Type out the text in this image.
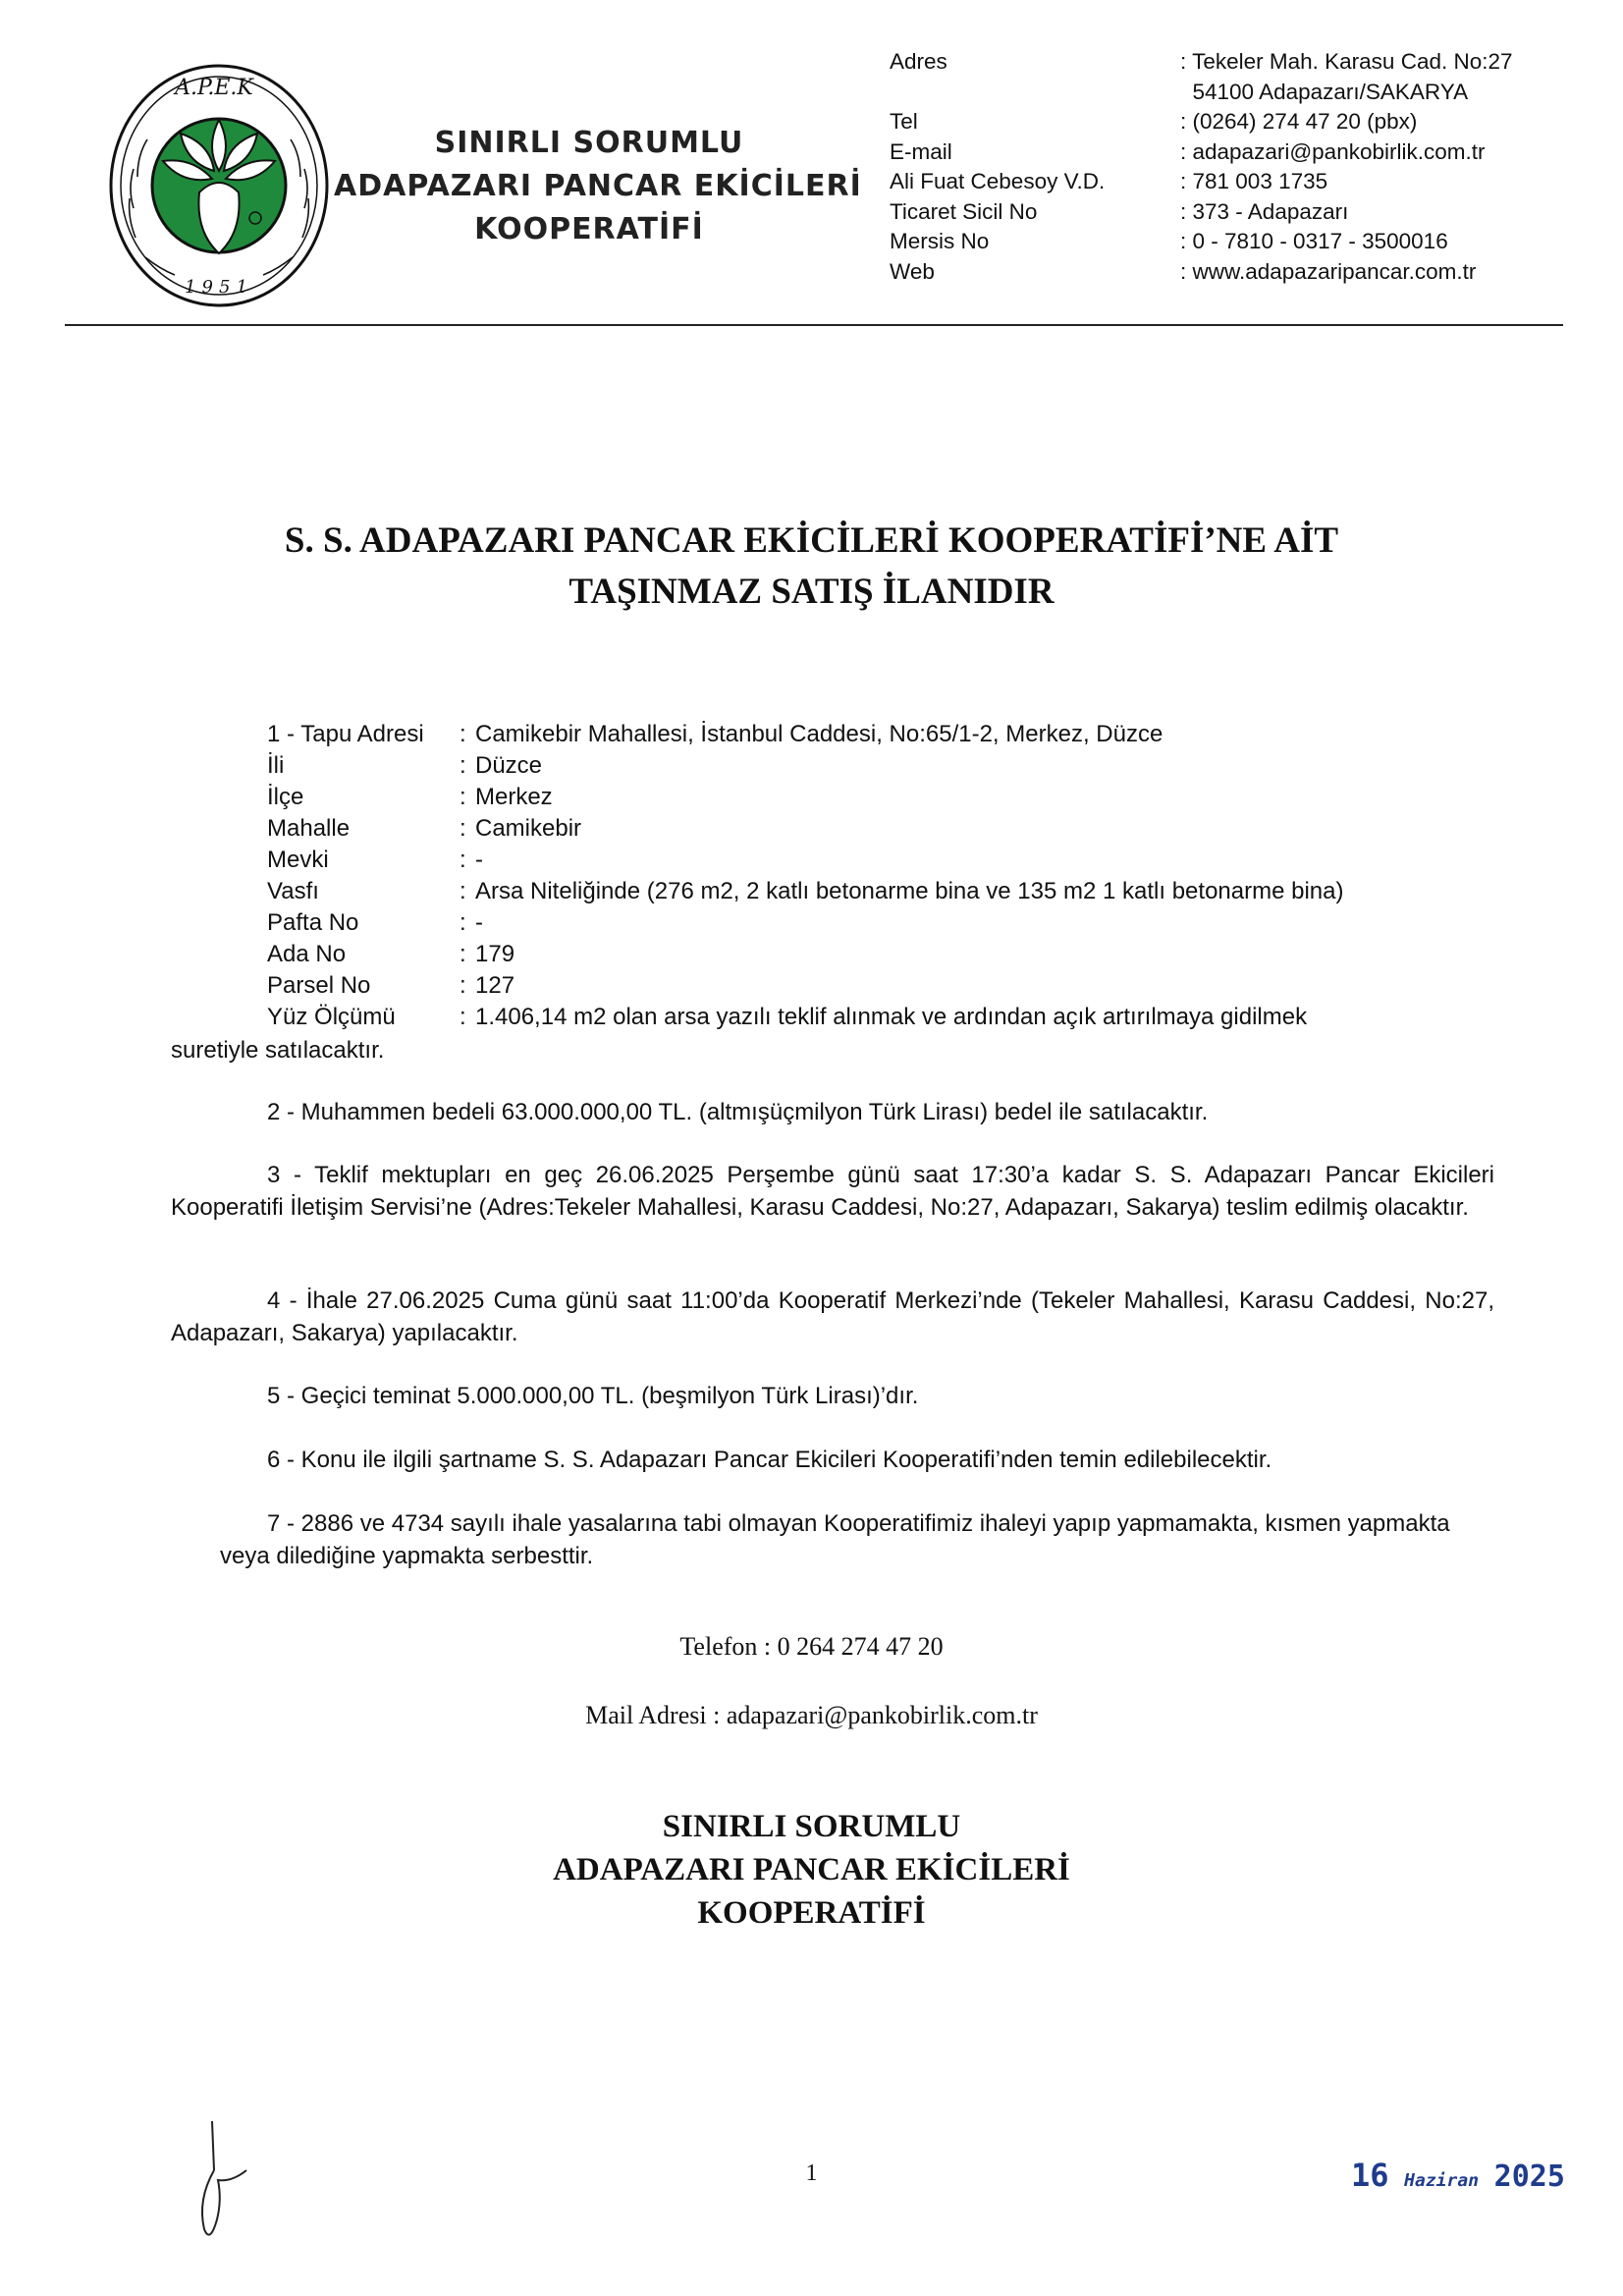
A.P.E.K
1951
SINIRLI SORUMLU
ADAPAZARI PANCAR EKİCİLERİ
KOOPERATİFİ
Adres	: Tekeler Mah. Karasu Cad. No:27
54100 Adapazarı/SAKARYA
Tel	: (0264) 274 47 20 (pbx)
E-mail	: adapazari@pankobirlik.com.tr
Ali Fuat Cebesoy V.D.	: 781 003 1735
Ticaret Sicil No	: 373 - Adapazarı
Mersis No	: 0 - 7810 - 0317 - 3500016
Web	: www.adapazaripancar.com.tr
S. S. ADAPAZARI PANCAR EKİCİLERİ KOOPERATİFİ’NE AİT
TAŞINMAZ SATIŞ İLANIDIR
1 - Tapu Adresi	: Camikebir Mahallesi, İstanbul Caddesi, No:65/1-2, Merkez, Düzce
İli	: Düzce
İlçe	: Merkez
Mahalle	: Camikebir
Mevki	: -
Vasfı	: Arsa Niteliğinde (276 m2, 2 katlı betonarme bina ve 135 m2 1 katlı betonarme bina)
Pafta No	: -
Ada No	: 179
Parsel No	: 127
Yüz Ölçümü	: 1.406,14 m2 olan arsa yazılı teklif alınmak ve ardından açık artırılmaya gidilmek
suretiyle satılacaktır.
2 - Muhammen bedeli 63.000.000,00 TL. (altmışüçmilyon Türk Lirası) bedel ile satılacaktır.
3 - Teklif mektupları en geç 26.06.2025 Perşembe günü saat 17:30’a kadar S. S. Adapazarı Pancar Ekicileri Kooperatifi İletişim Servisi’ne (Adres:Tekeler Mahallesi, Karasu Caddesi, No:27, Adapazarı, Sakarya) teslim edilmiş olacaktır.
4 - İhale 27.06.2025 Cuma günü saat 11:00’da Kooperatif Merkezi’nde (Tekeler Mahallesi, Karasu Caddesi, No:27, Adapazarı, Sakarya) yapılacaktır.
5 - Geçici teminat 5.000.000,00 TL. (beşmilyon Türk Lirası)’dır.
6 - Konu ile ilgili şartname S. S. Adapazarı Pancar Ekicileri Kooperatifi’nden temin edilebilecektir.
7 - 2886 ve 4734 sayılı ihale yasalarına tabi olmayan Kooperatifimiz ihaleyi yapıp yapmamakta, kısmen yapmakta veya dilediğine yapmakta serbesttir.
Telefon : 0 264 274 47 20
Mail Adresi : adapazari@pankobirlik.com.tr
SINIRLI SORUMLU
ADAPAZARI PANCAR EKİCİLERİ
KOOPERATİFİ
1	16 Haziran 2025
